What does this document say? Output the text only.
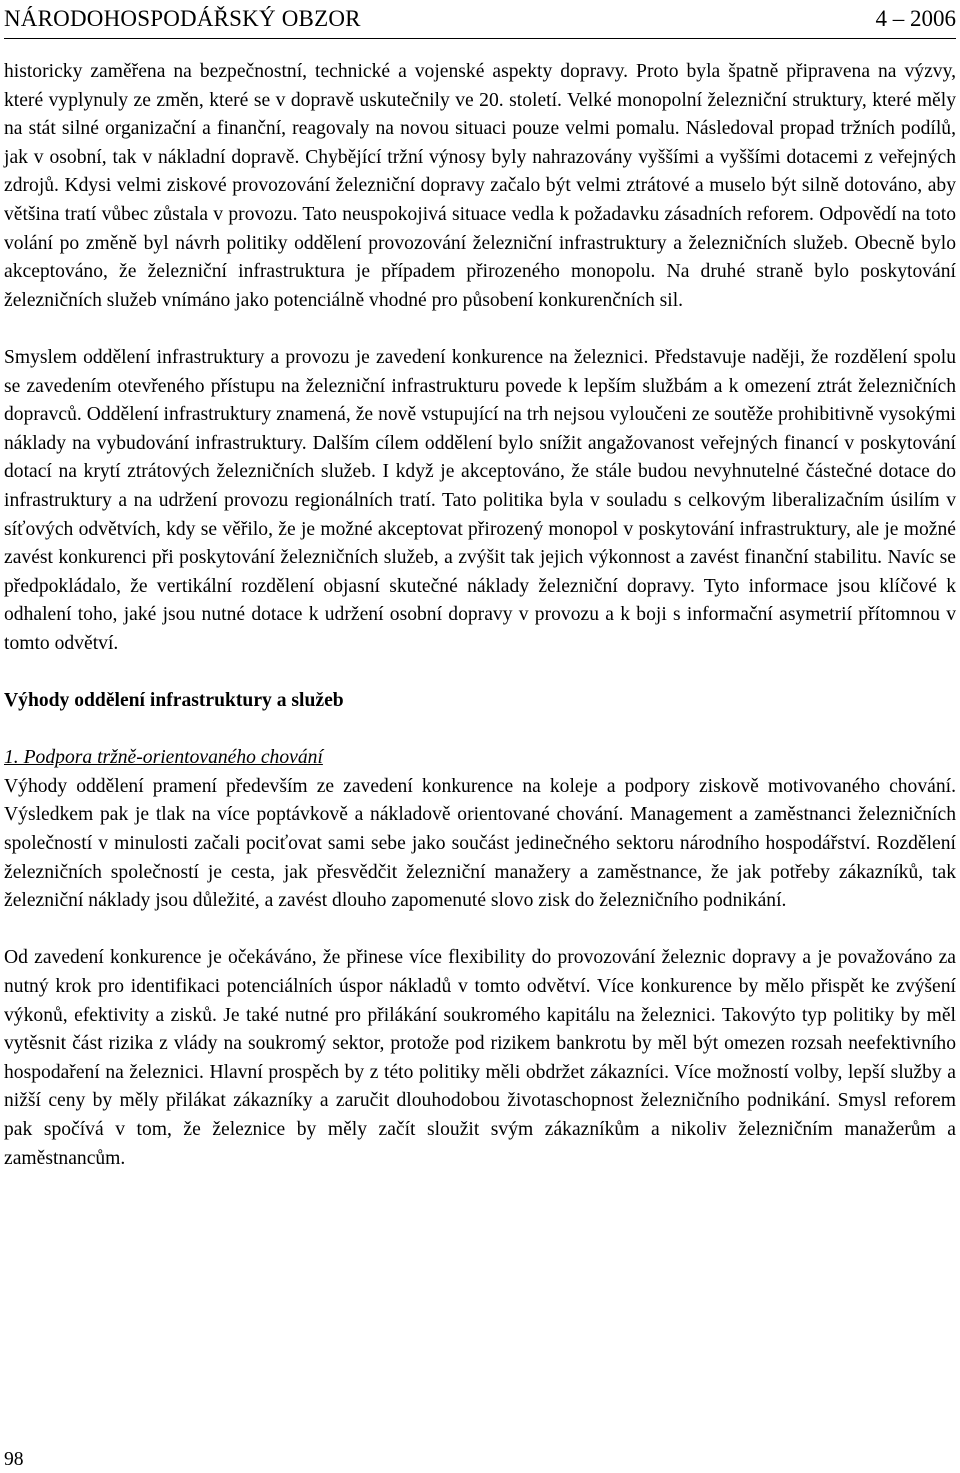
NÁRODOHOSPODÁŘSKÝ OBZOR	4 – 2006

historicky zaměřena na bezpečnostní, technické a vojenské aspekty dopravy. Proto byla špatně připravena na výzvy, které vyplynuly ze změn, které se v dopravě uskutečnily ve 20. století. Velké monopolní železniční struktury, které měly na stát silné organizační a finanční, reagovaly na novou situaci pouze velmi pomalu. Následoval propad tržních podílů, jak v osobní, tak v nákladní dopravě. Chybějící tržní výnosy byly nahrazovány vyššími a vyššími dotacemi z veřejných zdrojů. Kdysi velmi ziskové provozování železniční dopravy začalo být velmi ztrátové a muselo být silně dotováno, aby většina tratí vůbec zůstala v provozu. Tato neuspokojivá situace vedla k požadavku zásadních reforem. Odpovědí na toto volání po změně byl návrh politiky oddělení provozování železniční infrastruktury a železničních služeb. Obecně bylo akceptováno, že železniční infrastruktura je případem přirozeného monopolu. Na druhé straně bylo poskytování železničních služeb vnímáno jako potenciálně vhodné pro působení konkurenčních sil.

Smyslem oddělení infrastruktury a provozu je zavedení konkurence na železnici. Představuje naději, že rozdělení spolu se zavedením otevřeného přístupu na železniční infrastrukturu povede k lepším službám a k omezení ztrát železničních dopravců. Oddělení infrastruktury znamená, že nově vstupující na trh nejsou vyloučeni ze soutěže prohibitivně vysokými náklady na vybudování infrastruktury. Dalším cílem oddělení bylo snížit angažovanost veřejných financí v poskytování dotací na krytí ztrátových železničních služeb. I když je akceptováno, že stále budou nevyhnutelné částečné dotace do infrastruktury a na udržení provozu regionálních tratí. Tato politika byla v souladu s celkovým liberalizačním úsilím v síťových odvětvích, kdy se věřilo, že je možné akceptovat přirozený monopol v poskytování infrastruktury, ale je možné zavést konkurenci při poskytování železničních služeb, a zvýšit tak jejich výkonnost a zavést finanční stabilitu. Navíc se předpokládalo, že vertikální rozdělení objasní skutečné náklady železniční dopravy. Tyto informace jsou klíčové k odhalení toho, jaké jsou nutné dotace k udržení osobní dopravy v provozu a k boji s informační asymetrií přítomnou v tomto odvětví.

Výhody oddělení infrastruktury a služeb

1. Podpora tržně-orientovaného chování

Výhody oddělení pramení především ze zavedení konkurence na koleje a podpory ziskově motivovaného chování. Výsledkem pak je tlak na více poptávkově a nákladově orientované chování. Management a zaměstnanci železničních společností v minulosti začali pociťovat sami sebe jako součást jedinečného sektoru národního hospodářství. Rozdělení železničních společností je cesta, jak přesvědčit železniční manažery a zaměstnance, že jak potřeby zákazníků, tak železniční náklady jsou důležité, a zavést dlouho zapomenuté slovo zisk do železničního podnikání.

Od zavedení konkurence je očekáváno, že přinese více flexibility do provozování železnic dopravy a je považováno za nutný krok pro identifikaci potenciálních úspor nákladů v tomto odvětví. Více konkurence by mělo přispět ke zvýšení výkonů, efektivity a zisků. Je také nutné pro přilákání soukromého kapitálu na železnici. Takovýto typ politiky by měl vytěsnit část rizika z vlády na soukromý sektor, protože pod rizikem bankrotu by měl být omezen rozsah neefektivního hospodaření na železnici. Hlavní prospěch by z této politiky měli obdržet zákazníci. Více možností volby, lepší služby a nižší ceny by měly přilákat zákazníky a zaručit dlouhodobou životaschopnost železničního podnikání. Smysl reforem pak spočívá v tom, že železnice by měly začít sloužit svým zákazníkům a nikoliv železničním manažerům a zaměstnancům.

98
